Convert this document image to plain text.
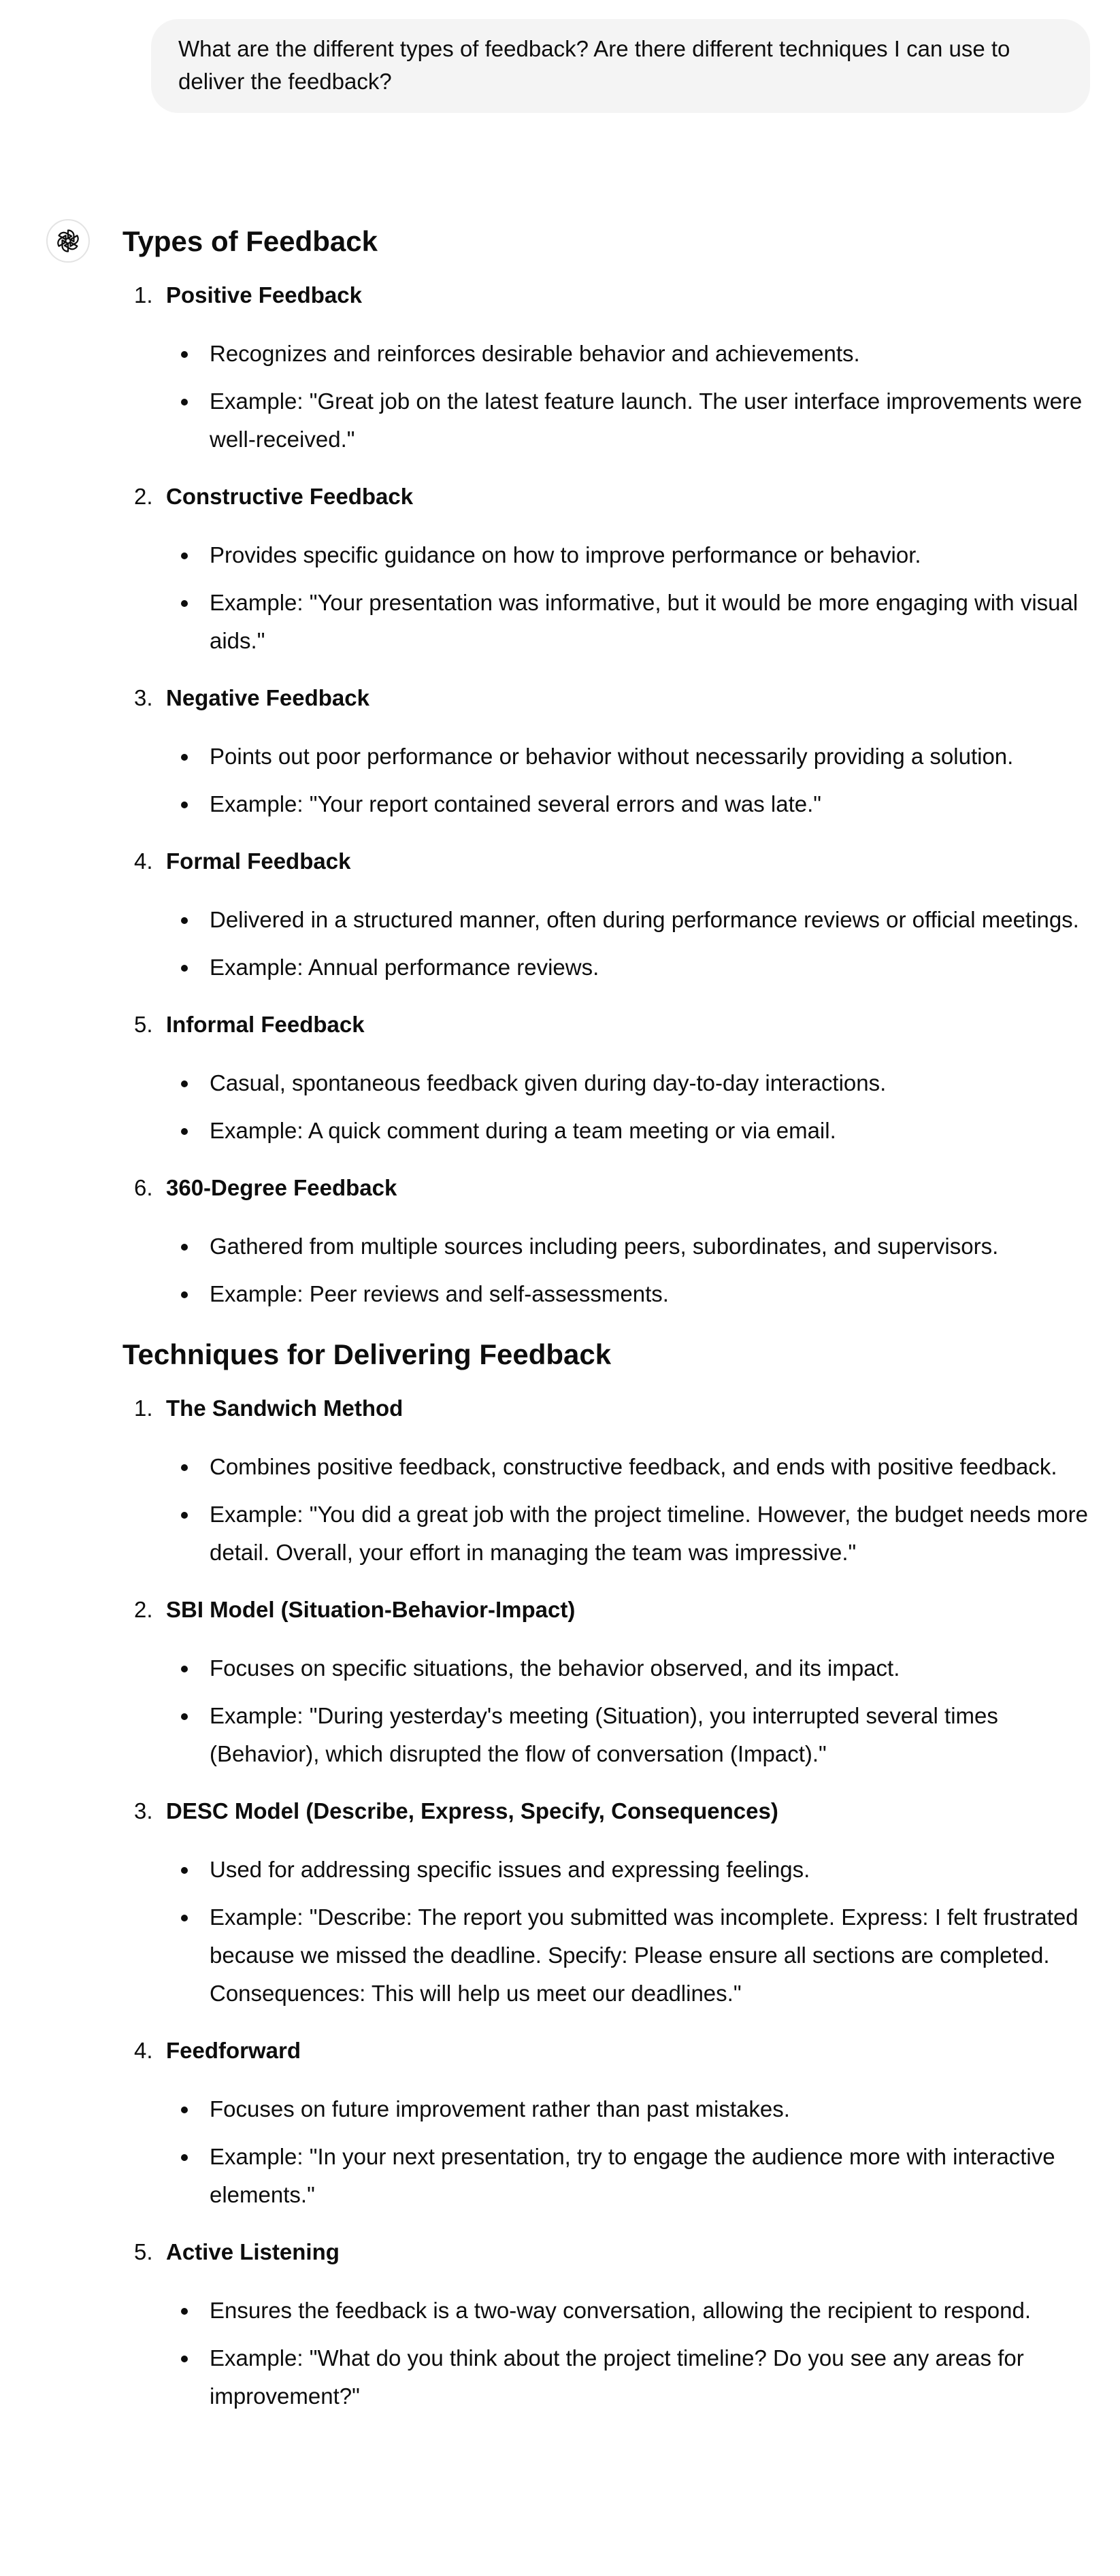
What are the different types of feedback? Are there different techniques I can use to deliver the feedback?
Types of Feedback
1. Positive Feedback
Recognizes and reinforces desirable behavior and achievements.
Example: "Great job on the latest feature launch. The user interface improvements were well-received."
2. Constructive Feedback
Provides specific guidance on how to improve performance or behavior.
Example: "Your presentation was informative, but it would be more engaging with visual aids."
3. Negative Feedback
Points out poor performance or behavior without necessarily providing a solution.
Example: "Your report contained several errors and was late."
4. Formal Feedback
Delivered in a structured manner, often during performance reviews or official meetings.
Example: Annual performance reviews.
5. Informal Feedback
Casual, spontaneous feedback given during day-to-day interactions.
Example: A quick comment during a team meeting or via email.
6. 360-Degree Feedback
Gathered from multiple sources including peers, subordinates, and supervisors.
Example: Peer reviews and self-assessments.
Techniques for Delivering Feedback
1. The Sandwich Method
Combines positive feedback, constructive feedback, and ends with positive feedback.
Example: "You did a great job with the project timeline. However, the budget needs more detail. Overall, your effort in managing the team was impressive."
2. SBI Model (Situation-Behavior-Impact)
Focuses on specific situations, the behavior observed, and its impact.
Example: "During yesterday's meeting (Situation), you interrupted several times (Behavior), which disrupted the flow of conversation (Impact)."
3. DESC Model (Describe, Express, Specify, Consequences)
Used for addressing specific issues and expressing feelings.
Example: "Describe: The report you submitted was incomplete. Express: I felt frustrated because we missed the deadline. Specify: Please ensure all sections are completed. Consequences: This will help us meet our deadlines."
4. Feedforward
Focuses on future improvement rather than past mistakes.
Example: "In your next presentation, try to engage the audience more with interactive elements."
5. Active Listening
Ensures the feedback is a two-way conversation, allowing the recipient to respond.
Example: "What do you think about the project timeline? Do you see any areas for improvement?"
